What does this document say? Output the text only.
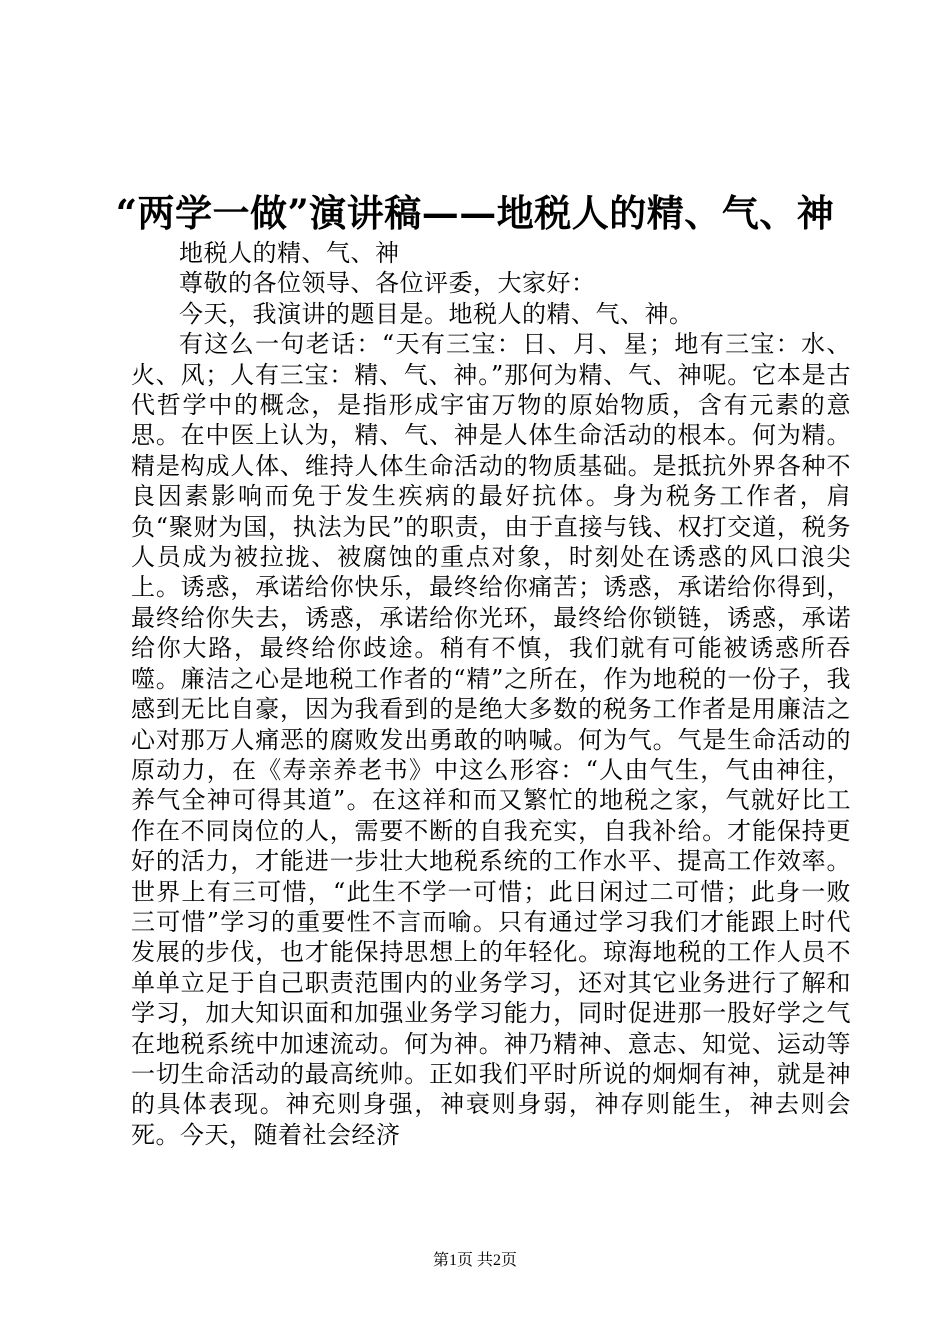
“两学一做”演讲稿——地税人的精、气、神

地税人的精、气、神

尊敬的各位领导、各位评委，大家好：

今天，我演讲的题目是。地税人的精、气、神。

有这么一句老话：“天有三宝：日、月、星；地有三宝：水、火、风；人有三宝：精、气、神。”那何为精、气、神呢。它本是古代哲学中的概念，是指形成宇宙万物的原始物质，含有元素的意思。在中医上认为，精、气、神是人体生命活动的根本。何为精。精是构成人体、维持人体生命活动的物质基础。是抵抗外界各种不良因素影响而免于发生疾病的最好抗体。身为税务工作者，肩负“聚财为国，执法为民”的职责，由于直接与钱、权打交道，税务人员成为被拉拢、被腐蚀的重点对象，时刻处在诱惑的风口浪尖上。诱惑，承诺给你快乐，最终给你痛苦；诱惑，承诺给你得到，最终给你失去，诱惑，承诺给你光环，最终给你锁链，诱惑，承诺给你大路，最终给你歧途。稍有不慎，我们就有可能被诱惑所吞噬。廉洁之心是地税工作者的“精”之所在，作为地税的一份子，我感到无比自豪，因为我看到的是绝大多数的税务工作者是用廉洁之心对那万人痛恶的腐败发出勇敢的呐喊。何为气。气是生命活动的原动力，在《寿亲养老书》中这么形容：“人由气生，气由神往，养气全神可得其道”。在这祥和而又繁忙的地税之家，气就好比工作在不同岗位的人，需要不断的自我充实，自我补给。才能保持更好的活力，才能进一步壮大地税系统的工作水平、提高工作效率。世界上有三可惜，“此生不学一可惜；此日闲过二可惜；此身一败三可惜”学习的重要性不言而喻。只有通过学习我们才能跟上时代发展的步伐，也才能保持思想上的年轻化。琼海地税的工作人员不单单立足于自己职责范围内的业务学习，还对其它业务进行了解和学习，加大知识面和加强业务学习能力，同时促进那一股好学之气在地税系统中加速流动。何为神。神乃精神、意志、知觉、运动等一切生命活动的最高统帅。正如我们平时所说的炯炯有神，就是神的具体表现。神充则身强，神衰则身弱，神存则能生，神去则会死。今天，随着社会经济

第1页 共2页
